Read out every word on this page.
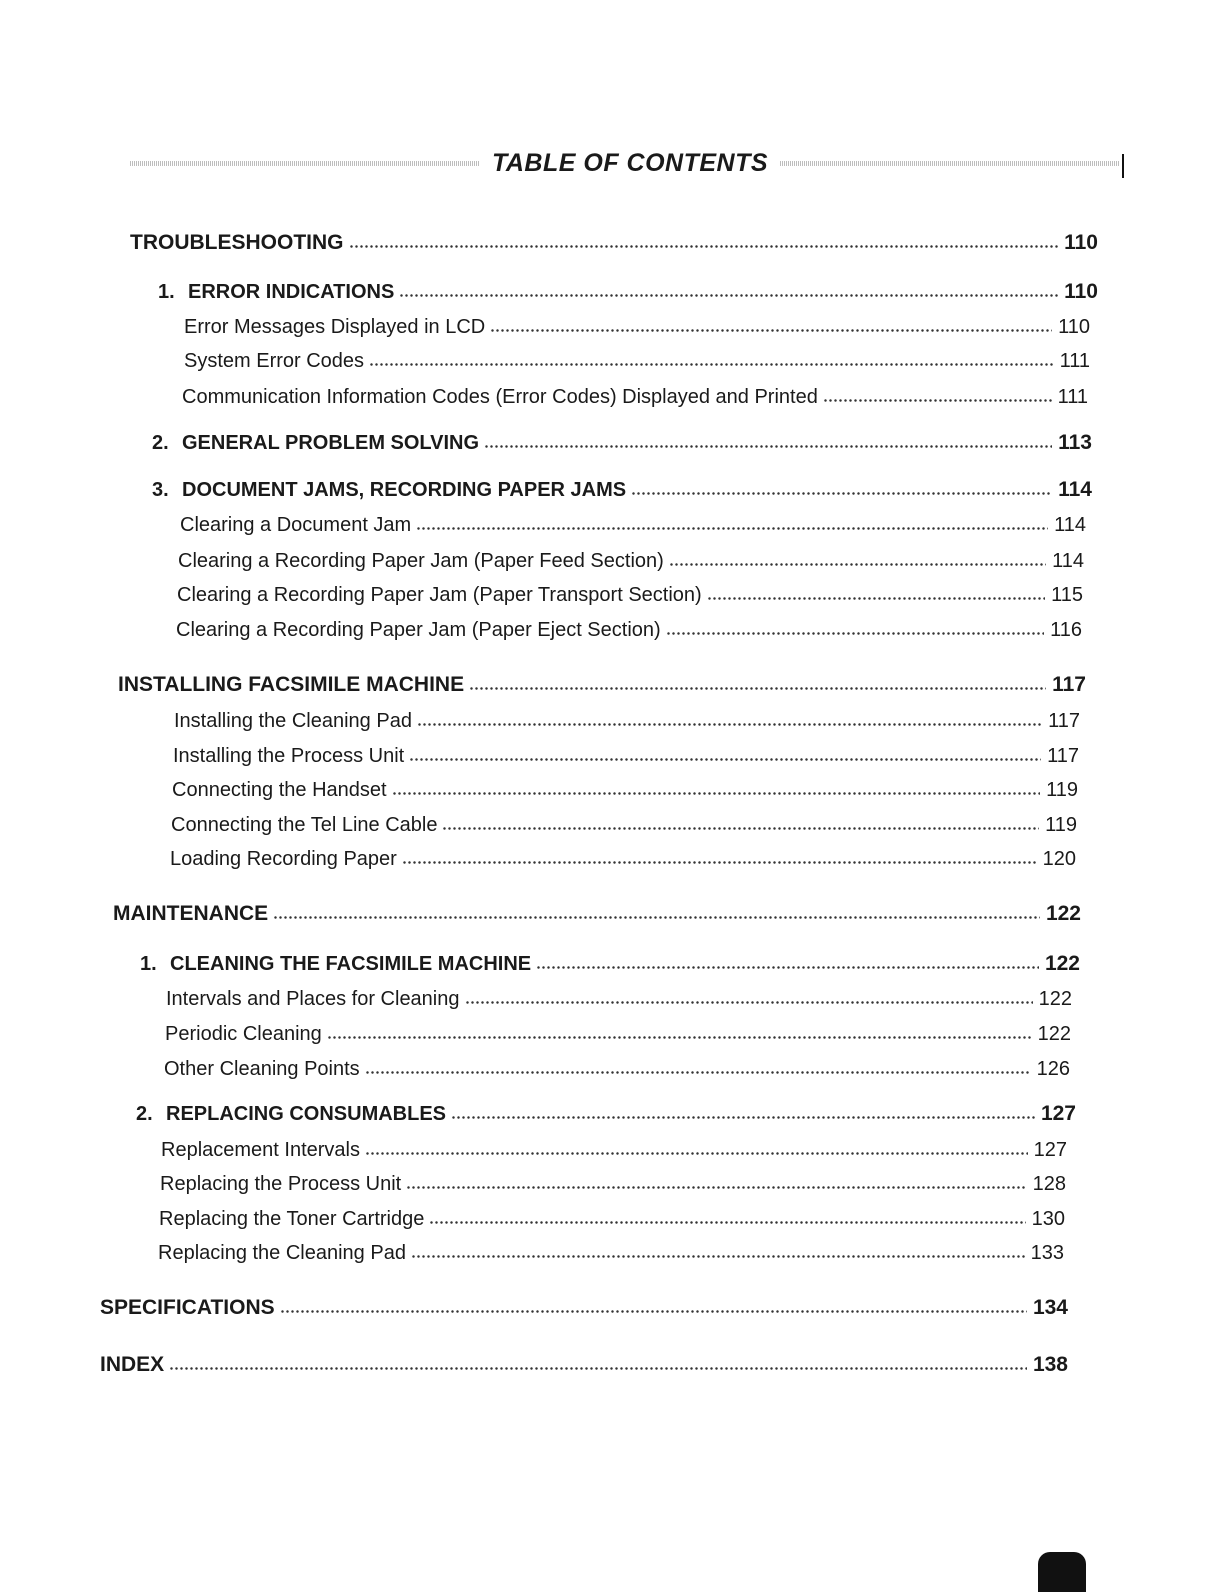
TABLE OF CONTENTS
TROUBLESHOOTING	110
1. ERROR INDICATIONS	110
Error Messages Displayed in LCD	110
System Error Codes	111
Communication Information Codes (Error Codes) Displayed and Printed	111
2. GENERAL PROBLEM SOLVING	113
3. DOCUMENT JAMS, RECORDING PAPER JAMS	114
Clearing a Document Jam	114
Clearing a Recording Paper Jam (Paper Feed Section)	114
Clearing a Recording Paper Jam (Paper Transport Section)	115
Clearing a Recording Paper Jam (Paper Eject Section)	116
INSTALLING FACSIMILE MACHINE	117
Installing the Cleaning Pad	117
Installing the Process Unit	117
Connecting the Handset	119
Connecting the Tel Line Cable	119
Loading Recording Paper	120
MAINTENANCE	122
1. CLEANING THE FACSIMILE MACHINE	122
Intervals and Places for Cleaning	122
Periodic Cleaning	122
Other Cleaning Points	126
2. REPLACING CONSUMABLES	127
Replacement Intervals	127
Replacing the Process Unit	128
Replacing the Toner Cartridge	130
Replacing the Cleaning Pad	133
SPECIFICATIONS	134
INDEX	138
